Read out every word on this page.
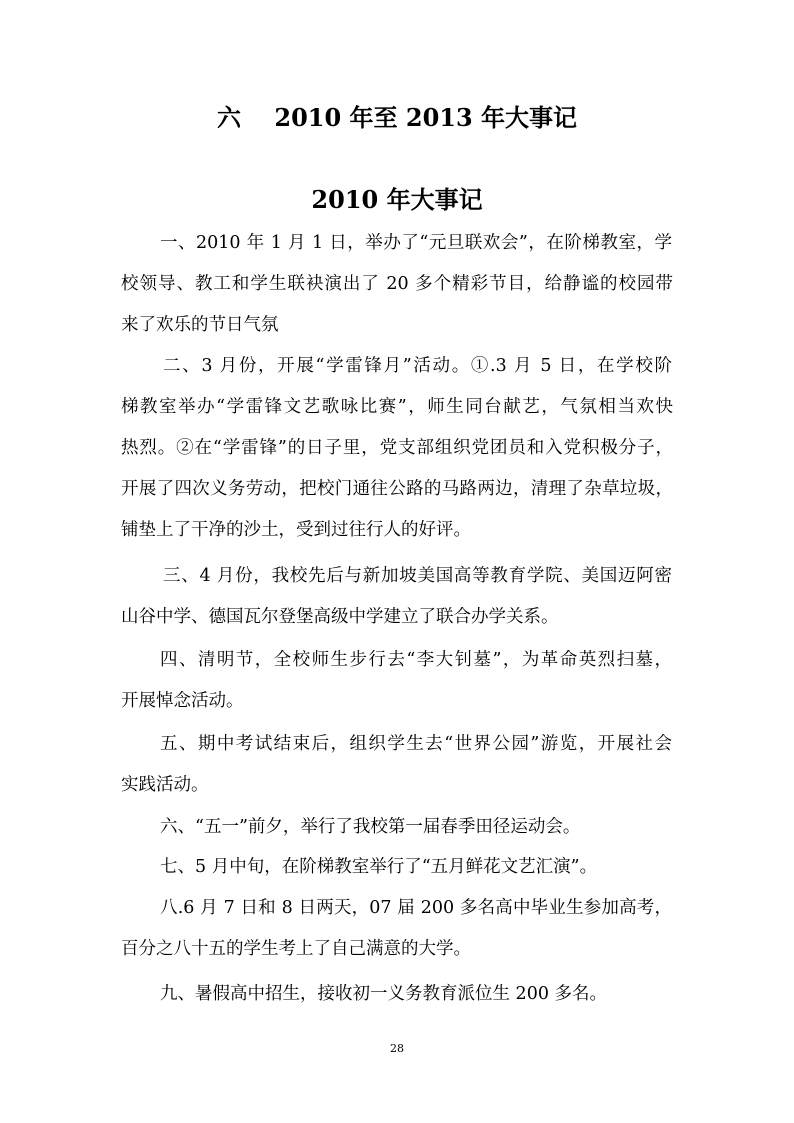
六    2010 年至 2013 年大事记
2010 年大事记
一、2010 年 1 月 1 日，举办了“元旦联欢会”，在阶梯教室，学
校领导、教工和学生联袂演出了 20 多个精彩节目，给静谧的校园带
来了欢乐的节日气氛
二、3 月份，开展“学雷锋月”活动。①.3 月 5 日，在学校阶
梯教室举办“学雷锋文艺歌咏比赛”，师生同台献艺，气氛相当欢快
热烈。②在“学雷锋”的日子里，党支部组织党团员和入党积极分子，
开展了四次义务劳动，把校门通往公路的马路两边，清理了杂草垃圾，
铺垫上了干净的沙土，受到过往行人的好评。
三、4 月份，我校先后与新加坡美国高等教育学院、美国迈阿密
山谷中学、德国瓦尔登堡高级中学建立了联合办学关系。
四、清明节，全校师生步行去“李大钊墓”，为革命英烈扫墓，
开展悼念活动。
五、期中考试结束后，组织学生去“世界公园”游览，开展社会
实践活动。
六、“五一”前夕，举行了我校第一届春季田径运动会。
七、5 月中旬，在阶梯教室举行了“五月鲜花文艺汇演”。
八.6 月 7 日和 8 日两天，07 届 200 多名高中毕业生参加高考，
百分之八十五的学生考上了自己满意的大学。
九、暑假高中招生，接收初一义务教育派位生 200 多名。
28
